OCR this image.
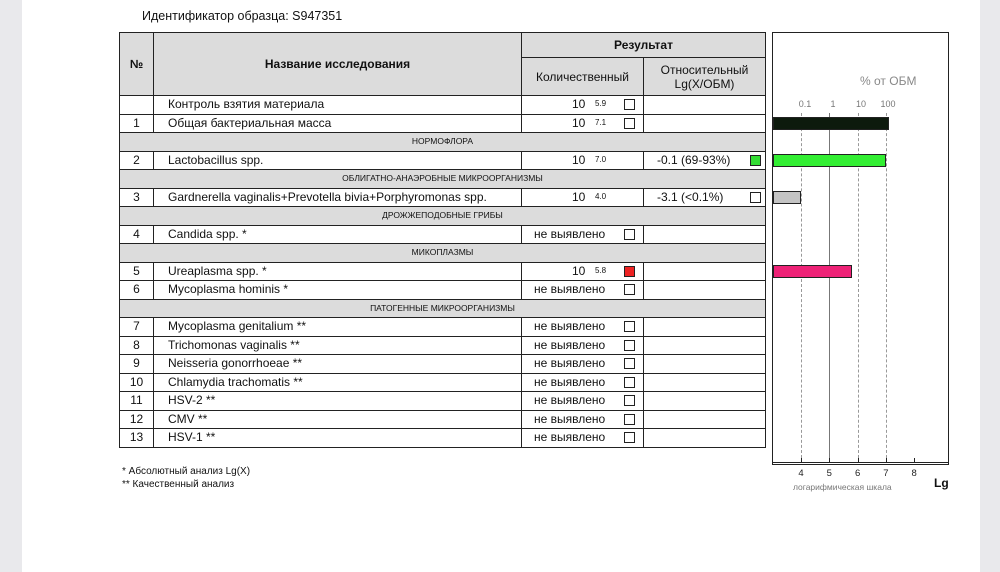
Идентификатор образца: S947351
№	Название исследования	Результат	
		Количественный	Относительный
Lg(X/ОБМ)

	Контроль взятия материала	10 5.9	

1	Общая бактериальная масса	10 7.1	

НОРМОФЛОРА			
2	Lactobacillus spp.	10 7.0	-0.1 (69-93%)

ОБЛИГАТНО-АНАЭРОБНЫЕ МИКРООРГАНИЗМЫ			
3	Gardnerella vaginalis+Prevotella bivia+Porphyromonas spp.	10 4.0	-3.1 (<0.1%)

ДРОЖЖЕПОДОБНЫЕ ГРИБЫ			
4	Candida spp. *	не выявлено

МИКОПЛАЗМЫ			
5	Ureaplasma spp. *	10 5.8	

6	Mycoplasma hominis *	не выявлено

ПАТОГЕННЫЕ МИКРООРГАНИЗМЫ			
7	Mycoplasma genitalium **	не выявлено

8	Trichomonas vaginalis **	не выявлено

9	Neisseria gonorrhoeae **	не выявлено

10	Chlamydia trachomatis **	не выявлено

11	HSV-2 **	не выявлено

12	CMV **	не выявлено

13	HSV-1 **	не выявлено

* Абсолютный анализ Lg(X)
** Качественный анализ
% от ОБМ
0.1 1 10 100
4 5 6 7 8
логарифмическая шкала	Lg
